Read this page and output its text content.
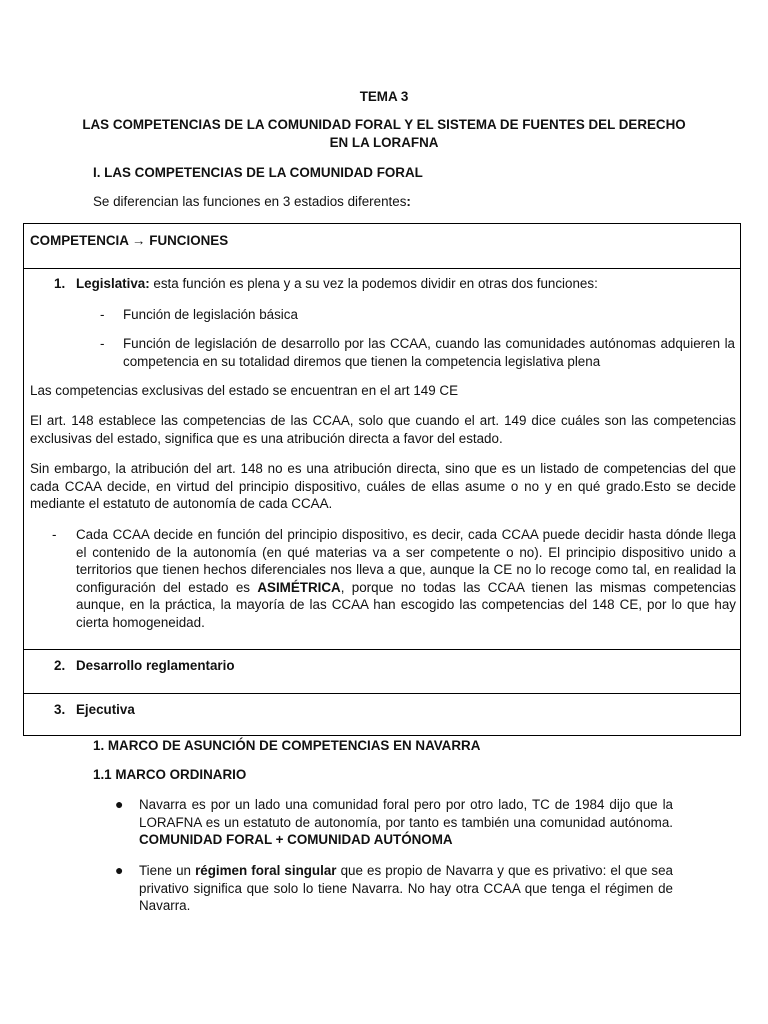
TEMA 3
LAS COMPETENCIAS DE LA COMUNIDAD FORAL Y EL SISTEMA DE FUENTES DEL DERECHO EN LA LORAFNA
I. LAS COMPETENCIAS DE LA COMUNIDAD FORAL
Se diferencian las funciones en 3 estadios diferentes:
COMPETENCIA → FUNCIONES
1. Legislativa: esta función es plena y a su vez la podemos dividir en otras dos funciones:
- Función de legislación básica
- Función de legislación de desarrollo por las CCAA, cuando las comunidades autónomas adquieren la competencia en su totalidad diremos que tienen la competencia legislativa plena
Las competencias exclusivas del estado se encuentran en el art 149 CE
El art. 148 establece las competencias de las CCAA, solo que cuando el art. 149 dice cuáles son las competencias exclusivas del estado, significa que es una atribución directa a favor del estado.
Sin embargo, la atribución del art. 148 no es una atribución directa, sino que es un listado de competencias del que cada CCAA decide, en virtud del principio dispositivo, cuáles de ellas asume o no y en qué grado.Esto se decide mediante el estatuto de autonomía de cada CCAA.
- Cada CCAA decide en función del principio dispositivo, es decir, cada CCAA puede decidir hasta dónde llega el contenido de la autonomía (en qué materias va a ser competente o no). El principio dispositivo unido a territorios que tienen hechos diferenciales nos lleva a que, aunque la CE no lo recoge como tal, en realidad la configuración del estado es ASIMÉTRICA, porque no todas las CCAA tienen las mismas competencias aunque, en la práctica, la mayoría de las CCAA han escogido las competencias del 148 CE, por lo que hay cierta homogeneidad.
2. Desarrollo reglamentario
3. Ejecutiva
1. MARCO DE ASUNCIÓN DE COMPETENCIAS EN NAVARRA
1.1 MARCO ORDINARIO
● Navarra es por un lado una comunidad foral pero por otro lado, TC de 1984 dijo que la LORAFNA es un estatuto de autonomía, por tanto es también una comunidad autónoma. COMUNIDAD FORAL + COMUNIDAD AUTÓNOMA
● Tiene un régimen foral singular que es propio de Navarra y que es privativo: el que sea privativo significa que solo lo tiene Navarra. No hay otra CCAA que tenga el régimen de Navarra.
